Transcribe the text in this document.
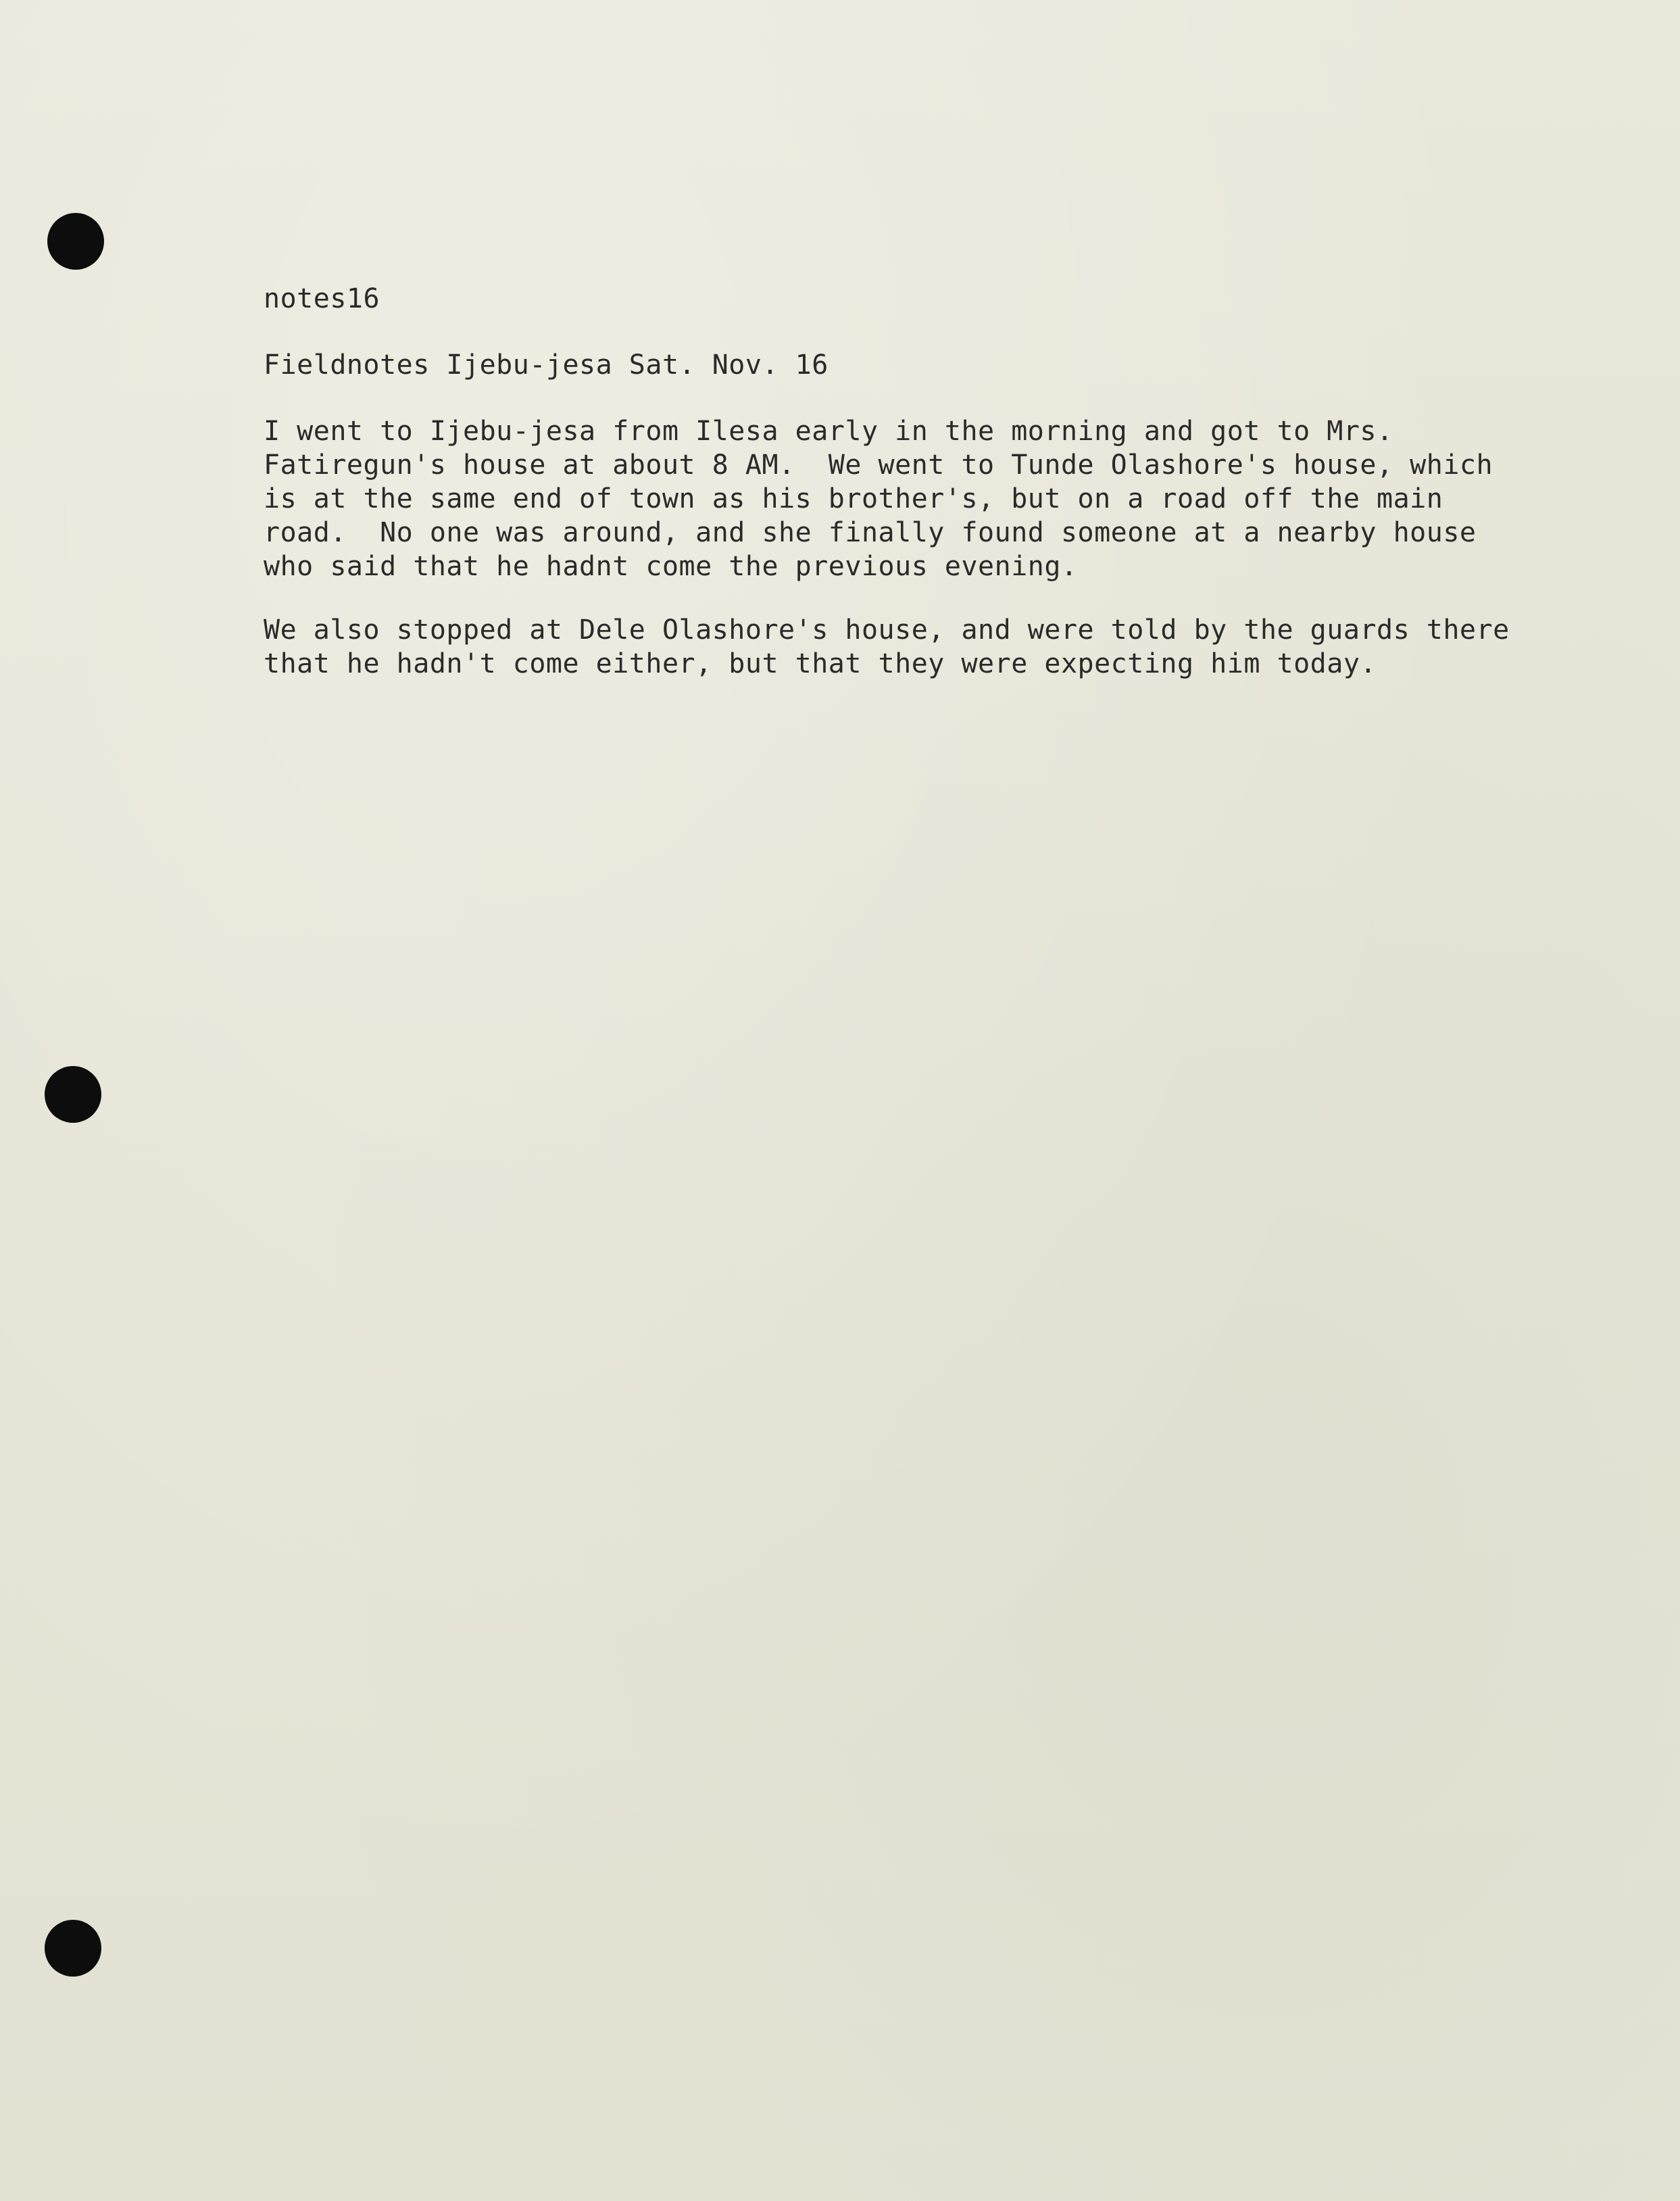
notes16

Fieldnotes Ijebu-jesa Sat. Nov. 16

I went to Ijebu-jesa from Ilesa early in the morning and got to Mrs.
Fatiregun's house at about 8 AM.  We went to Tunde Olashore's house, which
is at the same end of town as his brother's, but on a road off the main
road.  No one was around, and she finally found someone at a nearby house
who said that he hadnt come the previous evening.

We also stopped at Dele Olashore's house, and were told by the guards there
that he hadn't come either, but that they were expecting him today.
